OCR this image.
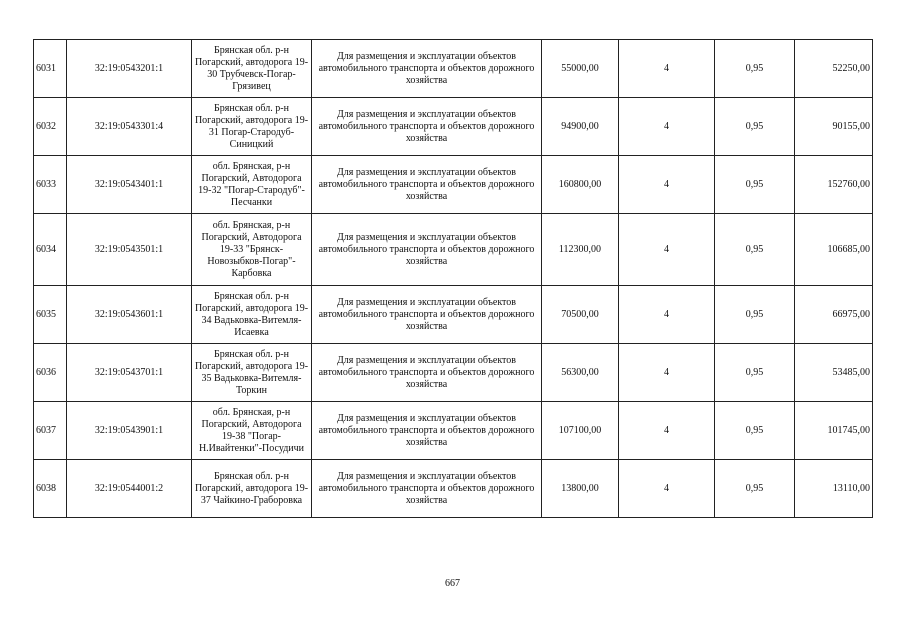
6031	32:19:0543201:1	Брянская обл. р-н Погарский, автодорога 19-30 Трубчевск-Погар-Грязивец	Для размещения и эксплуатации объектов автомобильного транспорта и объектов дорожного хозяйства	55000,00	4	0,95	52250,00
6032	32:19:0543301:4	Брянская обл. р-н Погарский, автодорога 19-31 Погар-Стародуб-Синицкий	Для размещения и эксплуатации объектов автомобильного транспорта и объектов дорожного хозяйства	94900,00	4	0,95	90155,00
6033	32:19:0543401:1	обл. Брянская, р-н Погарский, Автодорога 19-32 "Погар-Стародуб"-Песчанки	Для размещения и эксплуатации объектов автомобильного транспорта и объектов дорожного хозяйства	160800,00	4	0,95	152760,00
6034	32:19:0543501:1	обл. Брянская, р-н Погарский, Автодорога 19-33 "Брянск-Новозыбков-Погар"-Карбовка	Для размещения и эксплуатации объектов автомобильного транспорта и объектов дорожного хозяйства	112300,00	4	0,95	106685,00
6035	32:19:0543601:1	Брянская обл. р-н Погарский, автодорога 19-34 Вадьковка-Витемля-Исаевка	Для размещения и эксплуатации объектов автомобильного транспорта и объектов дорожного хозяйства	70500,00	4	0,95	66975,00
6036	32:19:0543701:1	Брянская обл. р-н Погарский, автодорога 19-35 Вадьковка-Витемля-Торкин	Для размещения и эксплуатации объектов автомобильного транспорта и объектов дорожного хозяйства	56300,00	4	0,95	53485,00
6037	32:19:0543901:1	обл. Брянская, р-н Погарский, Автодорога 19-38 "Погар-Н.Ивайтенки"-Посудичи	Для размещения и эксплуатации объектов автомобильного транспорта и объектов дорожного хозяйства	107100,00	4	0,95	101745,00
6038	32:19:0544001:2	Брянская обл. р-н Погарский, автодорога 19-37 Чайкино-Граборовка	Для размещения и эксплуатации объектов автомобильного транспорта и объектов дорожного хозяйства	13800,00	4	0,95	13110,00
667
